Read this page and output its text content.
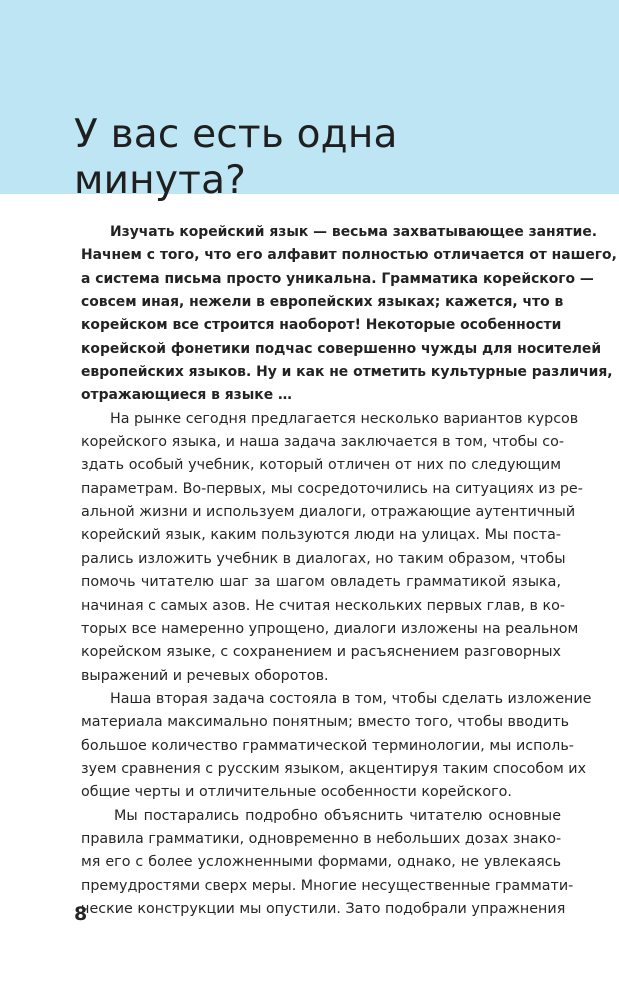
У вас есть одна
минута?
Изучать корейский язык — весьма захватывающее занятие.
Начнем с того, что его алфавит полностью отличается от нашего,
а система письма просто уникальна. Грамматика корейского —
совсем иная, нежели в европейских языках; кажется, что в
корейском все строится наоборот! Некоторые особенности
корейской фонетики подчас совершенно чужды для носителей
европейских языков. Ну и как не отметить культурные различия,
отражающиеся в языке …
На рынке сегодня предлагается несколько вариантов курсов
корейского языка, и наша задача заключается в том, чтобы со-
здать особый учебник, который отличен от них по следующим
параметрам. Во-первых, мы сосредоточились на ситуациях из ре-
альной жизни и используем диалоги, отражающие аутентичный
корейский язык, каким пользуются люди на улицах. Мы поста-
рались изложить учебник в диалогах, но таким образом, чтобы
помочь читателю шаг за шагом овладеть грамматикой языка,
начиная с самых азов. Не считая нескольких первых глав, в ко-
торых все намеренно упрощено, диалоги изложены на реальном
корейском языке, с сохранением и расъяснением разговорных
выражений и речевых оборотов.
Наша вторая задача состояла в том, чтобы сделать изложение
материала максимально понятным; вместо того, чтобы вводить
большое количество грамматической терминологии, мы исполь-
зуем сравнения с русским языком, акцентируя таким способом их
общие черты и отличительные особенности корейского.
Мы постарались подробно объяснить читателю основные
правила грамматики, одновременно в небольших дозах знако-
мя его с более усложненными формами, однако, не увлекаясь
премудростями сверх меры. Многие несущественные граммати-
ческие конструкции мы опустили. Зато подобрали упражнения
8
